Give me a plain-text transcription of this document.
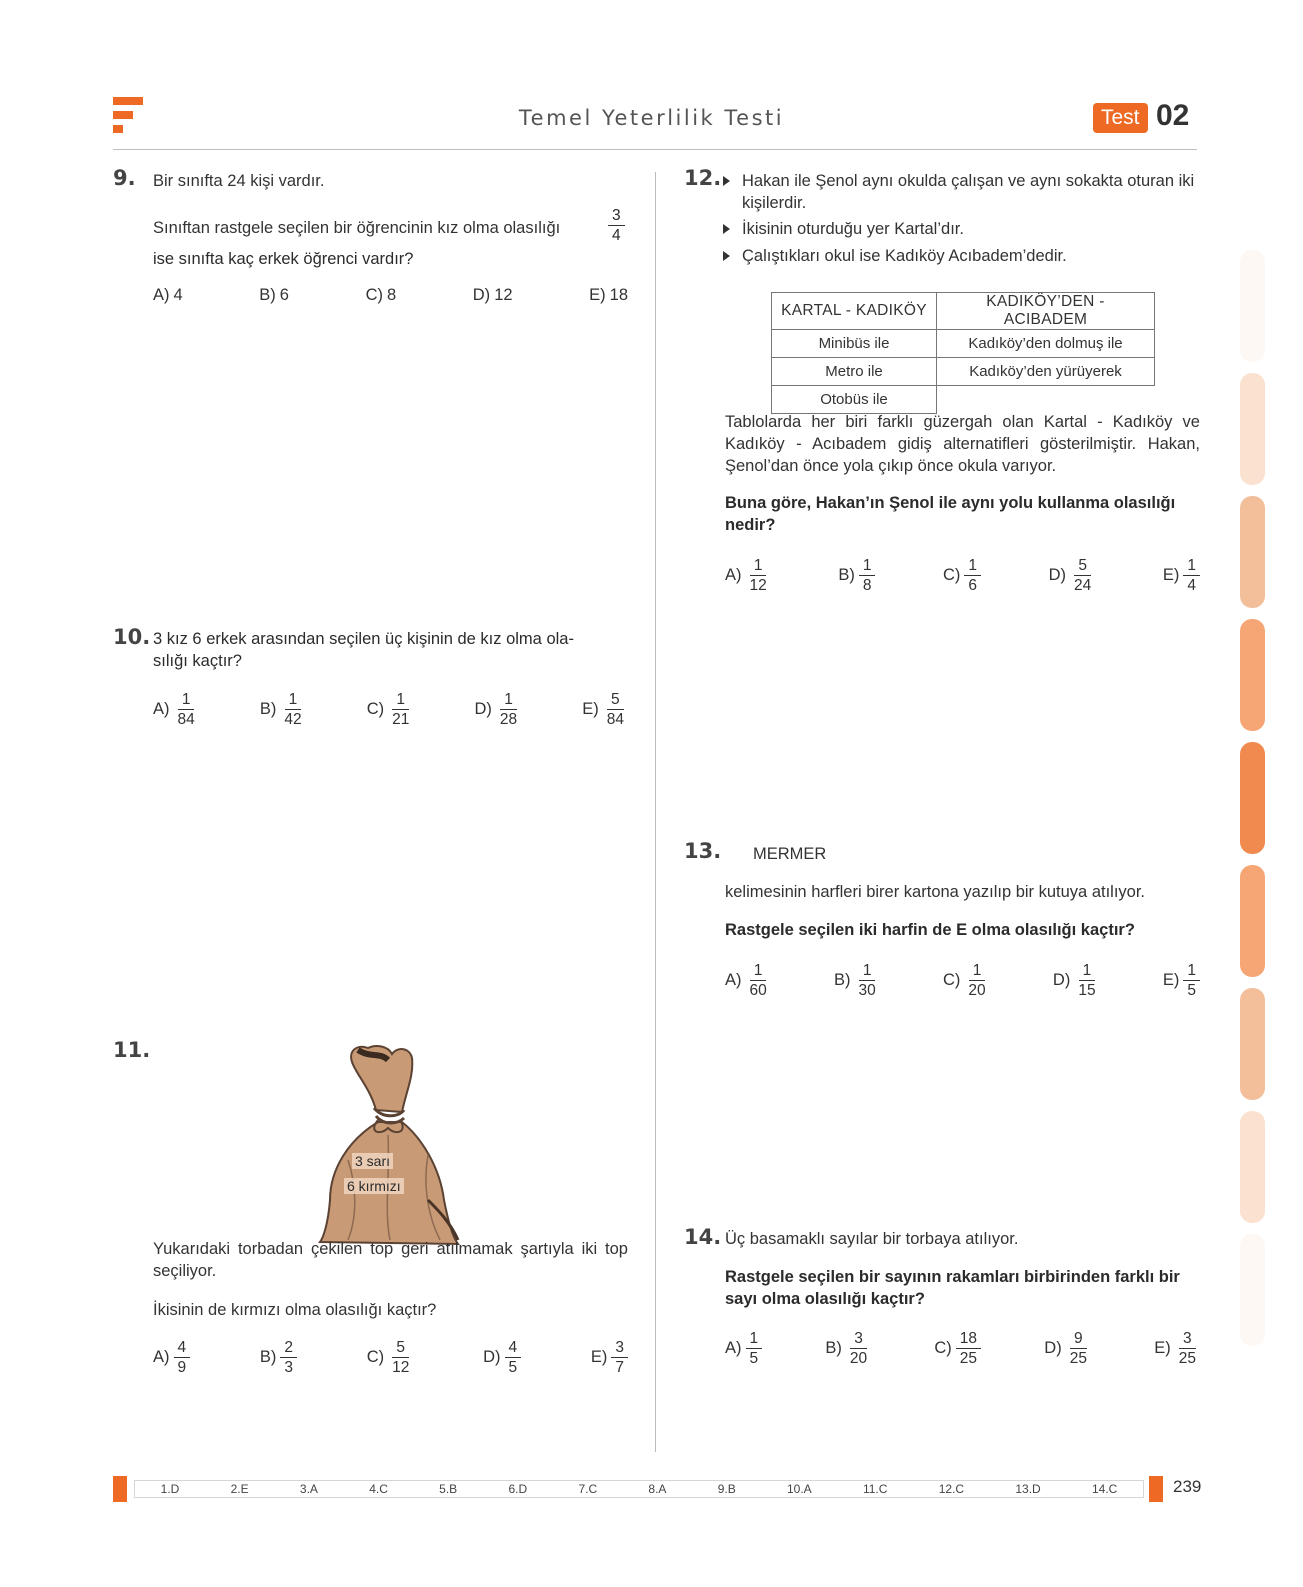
Temel Yeterlilik Testi	Test 02
9. Bir sınıfta 24 kişi vardır.
Sınıftan rastgele seçilen bir öğrencinin kız olma olasılığı	$\frac{3}{4}$
ise sınıfta kaç erkek öğrenci vardır?
A) 4	B) 6	C) 8	D) 12	E) 18
10. 3 kız 6 erkek arasından seçilen üç kişinin de kız olma ola-
sılığı kaçtır?
$A) \frac{1}{84}$	$B) \frac{1}{42}$	$C) \frac{1}{21}$	$D) \frac{1}{28}$	$E) \frac{5}{84}$
11.
3 sarı
6 kırmızı
Yukarıdaki torbadan çekilen top geri atılmamak şartıyla iki top seçiliyor.
İkisinin de kırmızı olma olasılığı kaçtır?
$A) \frac{4}{9}$	$B) \frac{2}{3}$	$C) \frac{5}{12}$	$D) \frac{4}{5}$	$E) \frac{3}{7}$
12. Hakan ile Şenol aynı okulda çalışan ve aynı sokakta oturan iki kişilerdir.
İkisinin oturduğu yer Kartal’dır.
Çalıştıkları okul ise Kadıköy Acıbadem’dedir.
KARTAL - KADIKÖY	KADIKÖY’DEN - ACIBADEM
Minibüs ile	Kadıköy’den dolmuş ile
Metro ile	Kadıköy’den yürüyerek
Otobüs ile	
Tablolarda her biri farklı güzergah olan Kartal - Kadıköy ve Kadıköy - Acıbadem gidiş alternatifleri gösterilmiştir. Hakan, Şenol’dan önce yola çıkıp önce okula varıyor.
Buna göre, Hakan’ın Şenol ile aynı yolu kullanma olasılığı nedir?
$A) \frac{1}{12}$	$B) \frac{1}{8}$	$C) \frac{1}{6}$	$D) \frac{5}{24}$	$E) \frac{1}{4}$
13. MERMER
kelimesinin harfleri birer kartona yazılıp bir kutuya atılıyor.
Rastgele seçilen iki harfin de E olma olasılığı kaçtır?
$A) \frac{1}{60}$	$B) \frac{1}{30}$	$C) \frac{1}{20}$	$D) \frac{1}{15}$	$E) \frac{1}{5}$
14. Üç basamaklı sayılar bir torbaya atılıyor.
Rastgele seçilen bir sayının rakamları birbirinden farklı bir sayı olma olasılığı kaçtır?
$A) \frac{1}{5}$	$B) \frac{3}{20}$	$C) \frac{18}{25}$	$D) \frac{9}{25}$	$E) \frac{3}{25}$
1.D	2.E	3.A	4.C	5.B	6.D	7.C	8.A	9.B	10.A	11.C	12.C	13.D	14.C	239
